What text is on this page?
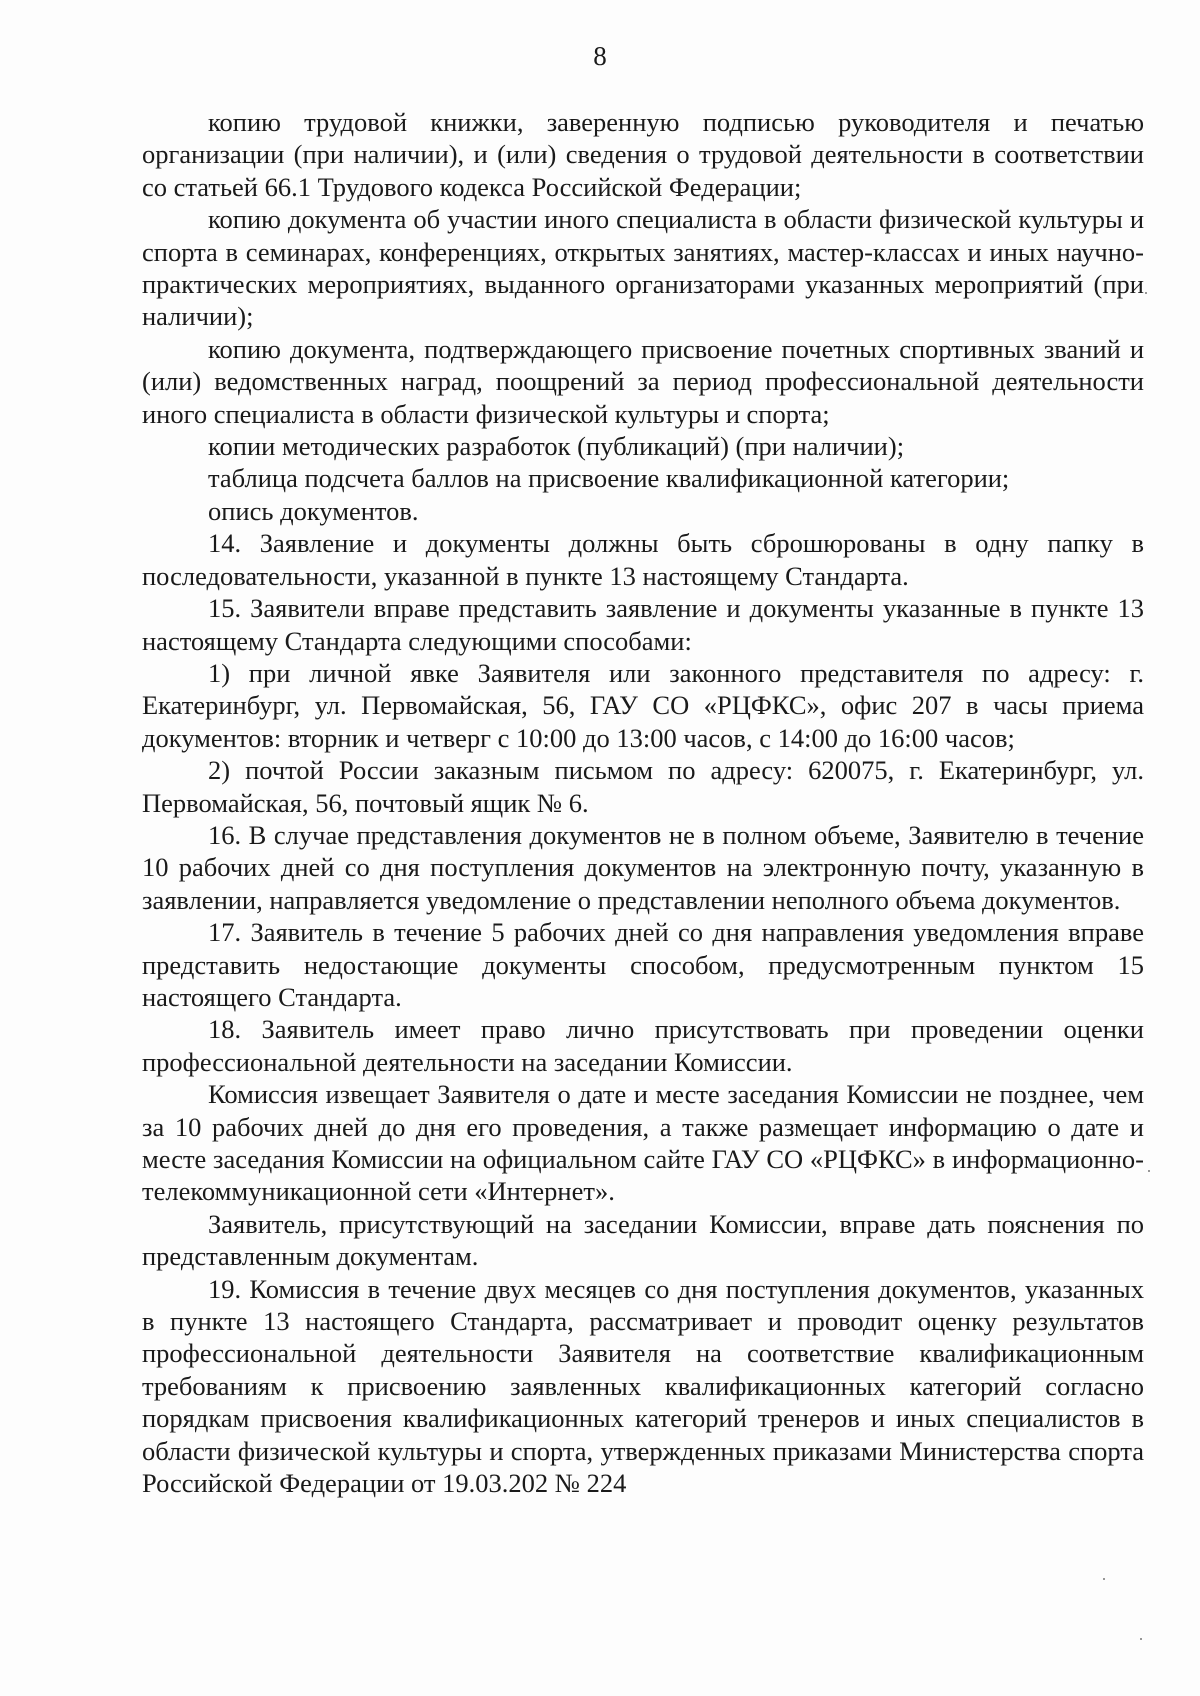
8

копию трудовой книжки, заверенную подписью руководителя и печатью организации (при наличии), и (или) сведения о трудовой деятельности в соответствии со статьей 66.1 Трудового кодекса Российской Федерации;

копию документа об участии иного специалиста в области физической культуры и спорта в семинарах, конференциях, открытых занятиях, мастер-классах и иных научно-практических мероприятиях, выданного организаторами указанных мероприятий (при наличии);

копию документа, подтверждающего присвоение почетных спортивных званий и (или) ведомственных наград, поощрений за период профессиональной деятельности иного специалиста в области физической культуры и спорта;

копии методических разработок (публикаций) (при наличии);

таблица подсчета баллов на присвоение квалификационной категории;

опись документов.

14. Заявление и документы должны быть сброшюрованы в одну папку в последовательности, указанной в пункте 13 настоящему Стандарта.

15. Заявители вправе представить заявление и документы указанные в пункте 13 настоящему Стандарта следующими способами:

1) при личной явке Заявителя или законного представителя по адресу: г. Екатеринбург, ул. Первомайская, 56, ГАУ СО «РЦФКС», офис 207 в часы приема документов: вторник и четверг с 10:00 до 13:00 часов, с 14:00 до 16:00 часов;

2) почтой России заказным письмом по адресу: 620075, г. Екатеринбург, ул. Первомайская, 56, почтовый ящик № 6.

16. В случае представления документов не в полном объеме, Заявителю в течение 10 рабочих дней со дня поступления документов на электронную почту, указанную в заявлении, направляется уведомление о представлении неполного объема документов.

17. Заявитель в течение 5 рабочих дней со дня направления уведомления вправе представить недостающие документы способом, предусмотренным пунктом 15 настоящего Стандарта.

18. Заявитель имеет право лично присутствовать при проведении оценки профессиональной деятельности на заседании Комиссии.

Комиссия извещает Заявителя о дате и месте заседания Комиссии не позднее, чем за 10 рабочих дней до дня его проведения, а также размещает информацию о дате и месте заседания Комиссии на официальном сайте ГАУ СО «РЦФКС» в информационно-телекоммуникационной сети «Интернет».

Заявитель, присутствующий на заседании Комиссии, вправе дать пояснения по представленным документам.

19. Комиссия в течение двух месяцев со дня поступления документов, указанных в пункте 13 настоящего Стандарта, рассматривает и проводит оценку результатов профессиональной деятельности Заявителя на соответствие квалификационным требованиям к присвоению заявленных квалификационных категорий согласно порядкам присвоения квалификационных категорий тренеров и иных специалистов в области физической культуры и спорта, утвержденных приказами Министерства спорта Российской Федерации от 19.03.202 № 224
